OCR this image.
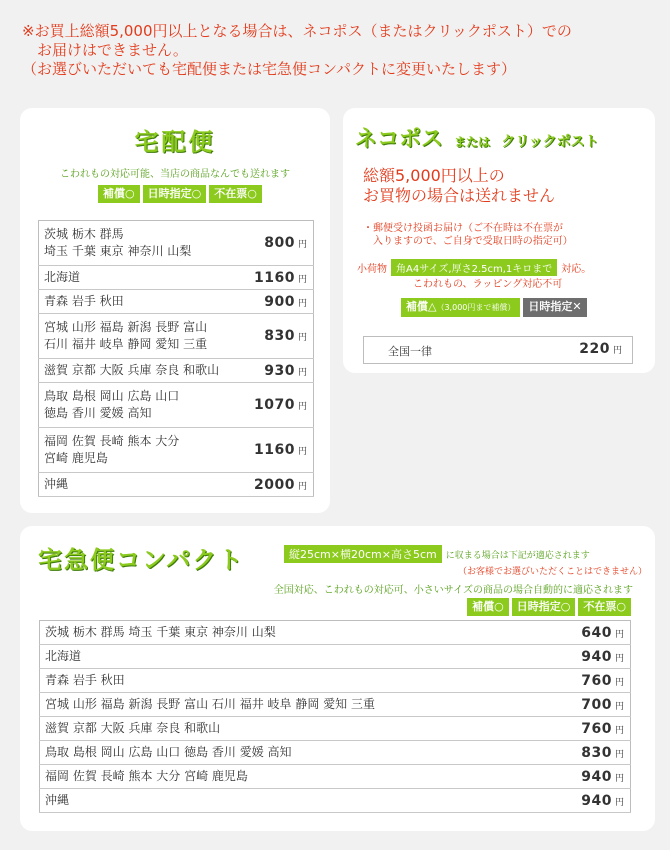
※お買上総額5,000円以上となる場合は、ネコポス（またはクリックポスト）での
　お届けはできません。
（お選びいただいても宅配便または宅急便コンパクトに変更いたします）
宅配便
こわれもの対応可能、当店の商品なんでも送れます
補償○	日時指定○	不在票○
茨城 栃木 群馬
埼玉 千葉 東京 神奈川 山梨	800 円

北海道	1160 円

青森 岩手 秋田	900 円

宮城 山形 福島 新潟 長野 富山
石川 福井 岐阜 静岡 愛知 三重	830 円

滋賀 京都 大阪 兵庫 奈良 和歌山	930 円

鳥取 島根 岡山 広島 山口
徳島 香川 愛媛 高知	1070 円

福岡 佐賀 長崎 熊本 大分
宮崎 鹿児島	1160 円

沖縄	2000 円
ネコポス または クリックポスト
総額5,000円以上の
お買物の場合は送れません
・郵便受け投函お届け（ご不在時は不在票が
入りますので、ご自身で受取日時の指定可）
小荷物 角A4サイズ,厚さ2.5cm,1キロまで 対応。
こわれもの、ラッピング対応不可
補償△（3,000円まで補償）	日時指定✕
全国一律	220 円
宅急便コンパクト	縦25cm×横20cm×高さ5cm	に収まる場合は下記が適応されます
（お客様でお選びいただくことはできません）
全国対応、こわれもの対応可、小さいサイズの商品の場合自動的に適応されます
補償○	日時指定○	不在票○
茨城 栃木 群馬 埼玉 千葉 東京 神奈川 山梨	640 円
北海道	940 円
青森 岩手 秋田	760 円
宮城 山形 福島 新潟 長野 富山 石川 福井 岐阜 静岡 愛知 三重	700 円
滋賀 京都 大阪 兵庫 奈良 和歌山	760 円
鳥取 島根 岡山 広島 山口 徳島 香川 愛媛 高知	830 円
福岡 佐賀 長崎 熊本 大分 宮崎 鹿児島	940 円
沖縄	940 円
